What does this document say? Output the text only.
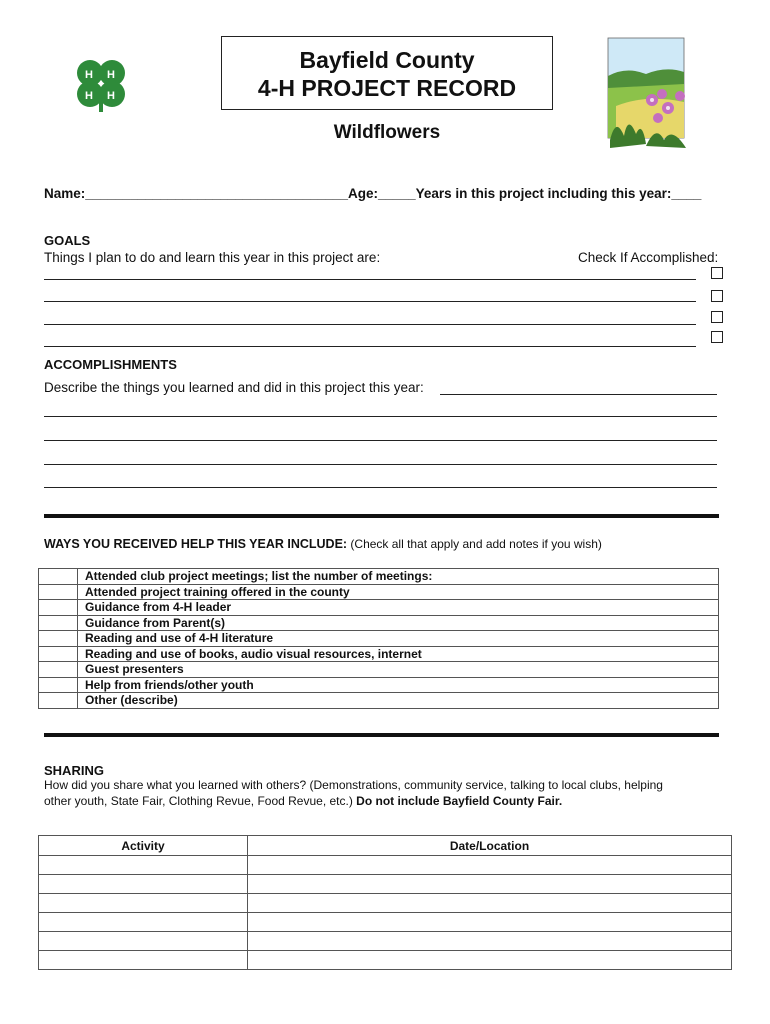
H H
H H
Bayfield County
4-H PROJECT RECORD
Wildflowers
Name:___________________________________Age:_____Years in this project including this year:____
GOALS
Things I plan to do and learn this year in this project are:	Check If Accomplished:
ACCOMPLISHMENTS
Describe the things you learned and did in this project this year:
WAYS YOU RECEIVED HELP THIS YEAR INCLUDE: (Check all that apply and add notes if you wish)
	Attended club project meetings; list the number of meetings:
	Attended project training offered in the county
	Guidance from 4-H leader
	Guidance from Parent(s)
	Reading and use of 4-H literature
	Reading and use of books, audio visual resources, internet
	Guest presenters
	Help from friends/other youth
	Other (describe)
SHARING
How did you share what you learned with others? (Demonstrations, community service, talking to local clubs, helping
other youth, State Fair, Clothing Revue, Food Revue, etc.) Do not include Bayfield County Fair.
Activity	Date/Location
